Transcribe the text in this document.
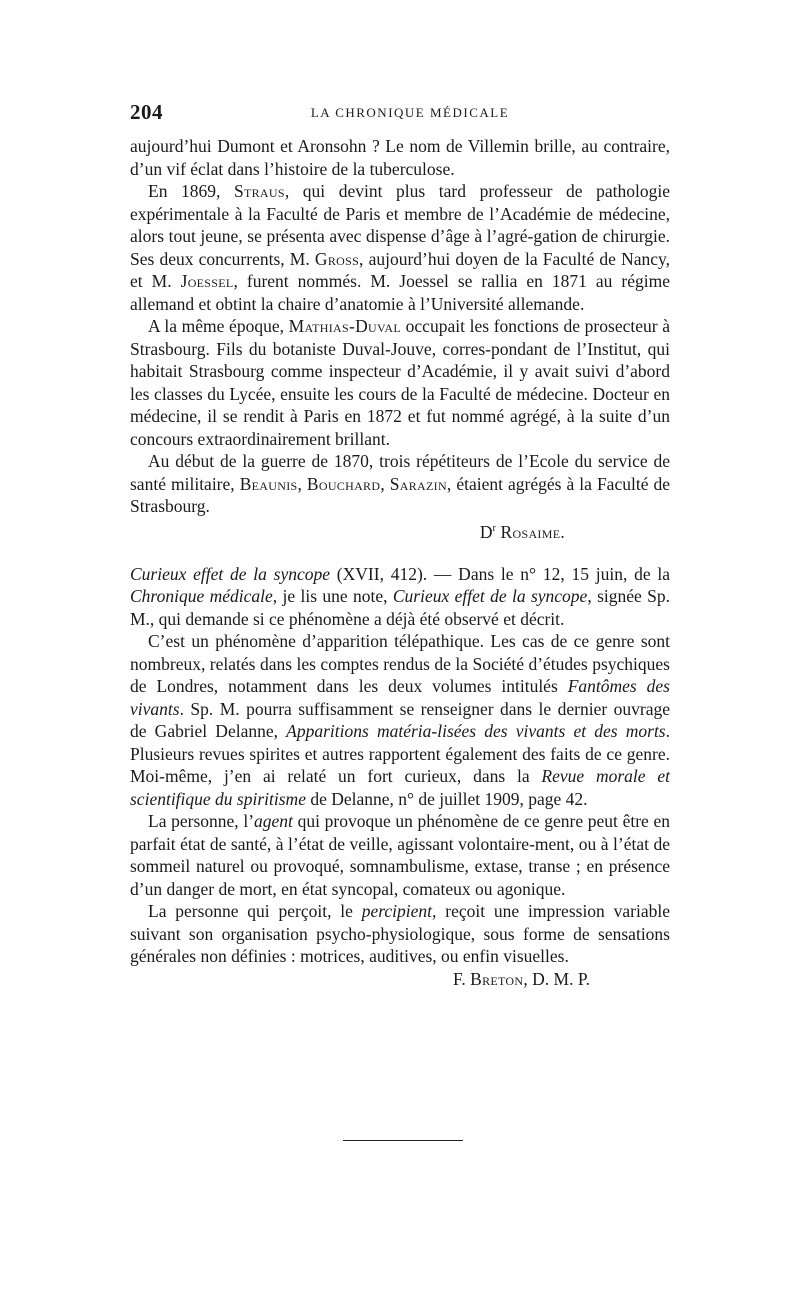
204	LA CHRONIQUE MÉDICALE

aujourd’hui Dumont et Aronsohn ? Le nom de Villemin brille, au contraire, d’un vif éclat dans l’histoire de la tuberculose.

En 1869, Straus, qui devint plus tard professeur de pathologie expérimentale à la Faculté de Paris et membre de l’Académie de médecine, alors tout jeune, se présenta avec dispense d’âge à l’agré-gation de chirurgie. Ses deux concurrents, M. Gross, aujourd’hui doyen de la Faculté de Nancy, et M. Joessel, furent nommés. M. Joessel se rallia en 1871 au régime allemand et obtint la chaire d’anatomie à l’Université allemande.

A la même époque, Mathias-Duval occupait les fonctions de prosecteur à Strasbourg. Fils du botaniste Duval-Jouve, corres-pondant de l’Institut, qui habitait Strasbourg comme inspecteur d’Académie, il y avait suivi d’abord les classes du Lycée, ensuite les cours de la Faculté de médecine. Docteur en médecine, il se rendit à Paris en 1872 et fut nommé agrégé, à la suite d’un concours extraordinairement brillant.

Au début de la guerre de 1870, trois répétiteurs de l’Ecole du service de santé militaire, Beaunis, Bouchard, Sarazin, étaient agrégés à la Faculté de Strasbourg.

$D^r$ Rosaime.

Curieux effet de la syncope (XVII, 412). — Dans le n° 12, 15 juin, de la Chronique médicale, je lis une note, Curieux effet de la syncope, signée Sp. M., qui demande si ce phénomène a déjà été observé et décrit.

C’est un phénomène d’apparition télépathique. Les cas de ce genre sont nombreux, relatés dans les comptes rendus de la Société d’études psychiques de Londres, notamment dans les deux volumes intitulés Fantômes des vivants. Sp. M. pourra suffisamment se renseigner dans le dernier ouvrage de Gabriel Delanne, Apparitions matéria-lisées des vivants et des morts. Plusieurs revues spirites et autres rapportent également des faits de ce genre. Moi-même, j’en ai relaté un fort curieux, dans la Revue morale et scientifique du spiritisme de Delanne, n° de juillet 1909, page 42.

La personne, l’agent qui provoque un phénomène de ce genre peut être en parfait état de santé, à l’état de veille, agissant volontaire-ment, ou à l’état de sommeil naturel ou provoqué, somnambulisme, extase, transe ; en présence d’un danger de mort, en état syncopal, comateux ou agonique.

La personne qui perçoit, le percipient, reçoit une impression variable suivant son organisation psycho-physiologique, sous forme de sensations générales non définies : motrices, auditives, ou enfin visuelles.

F. Breton, D. M. P.
